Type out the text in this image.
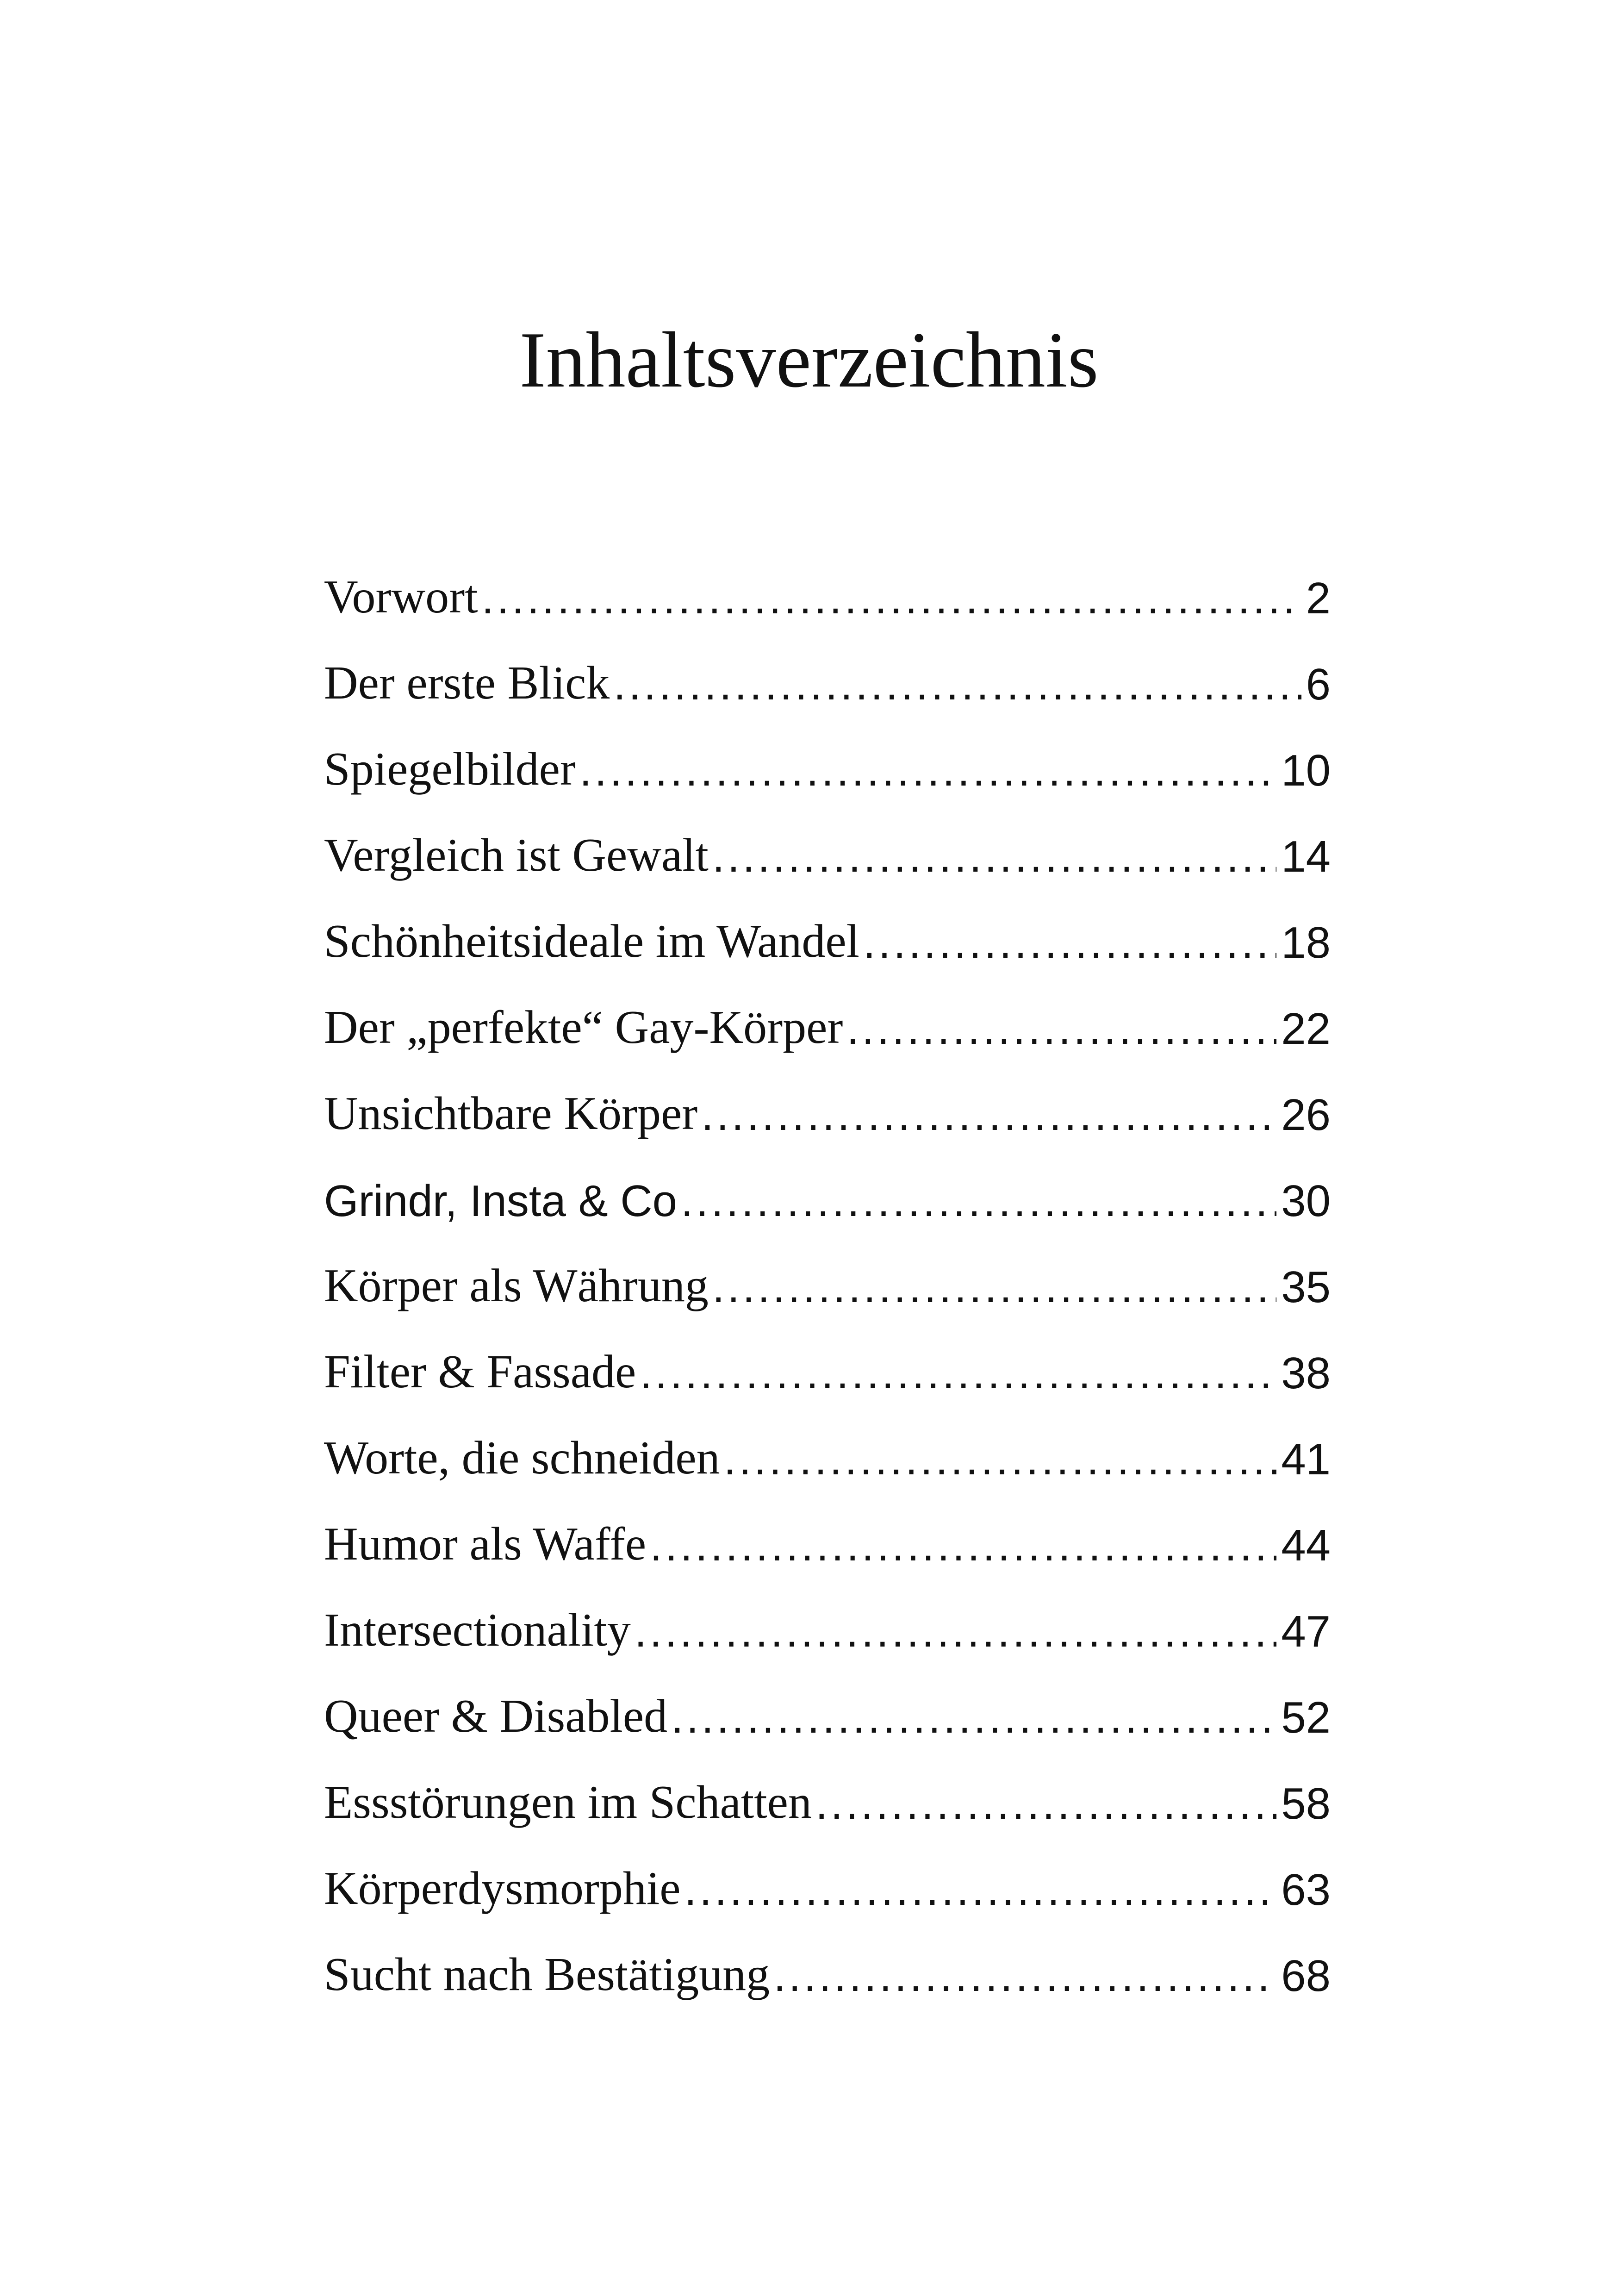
Inhaltsverzeichnis
Vorwort .....	2
Der erste Blick .....	6
Spiegelbilder .....	10
Vergleich ist Gewalt .....	14
Schönheitsideale im Wandel .....	18
Der „perfekte“ Gay-Körper .....	22
Unsichtbare Körper .....	26
Grindr, Insta & Co .....	30
Körper als Währung .....	35
Filter & Fassade .....	38
Worte, die schneiden .....	41
Humor als Waffe .....	44
Intersectionality .....	47
Queer & Disabled .....	52
Essstörungen im Schatten .....	58
Körperdysmorphie .....	63
Sucht nach Bestätigung .....	68
